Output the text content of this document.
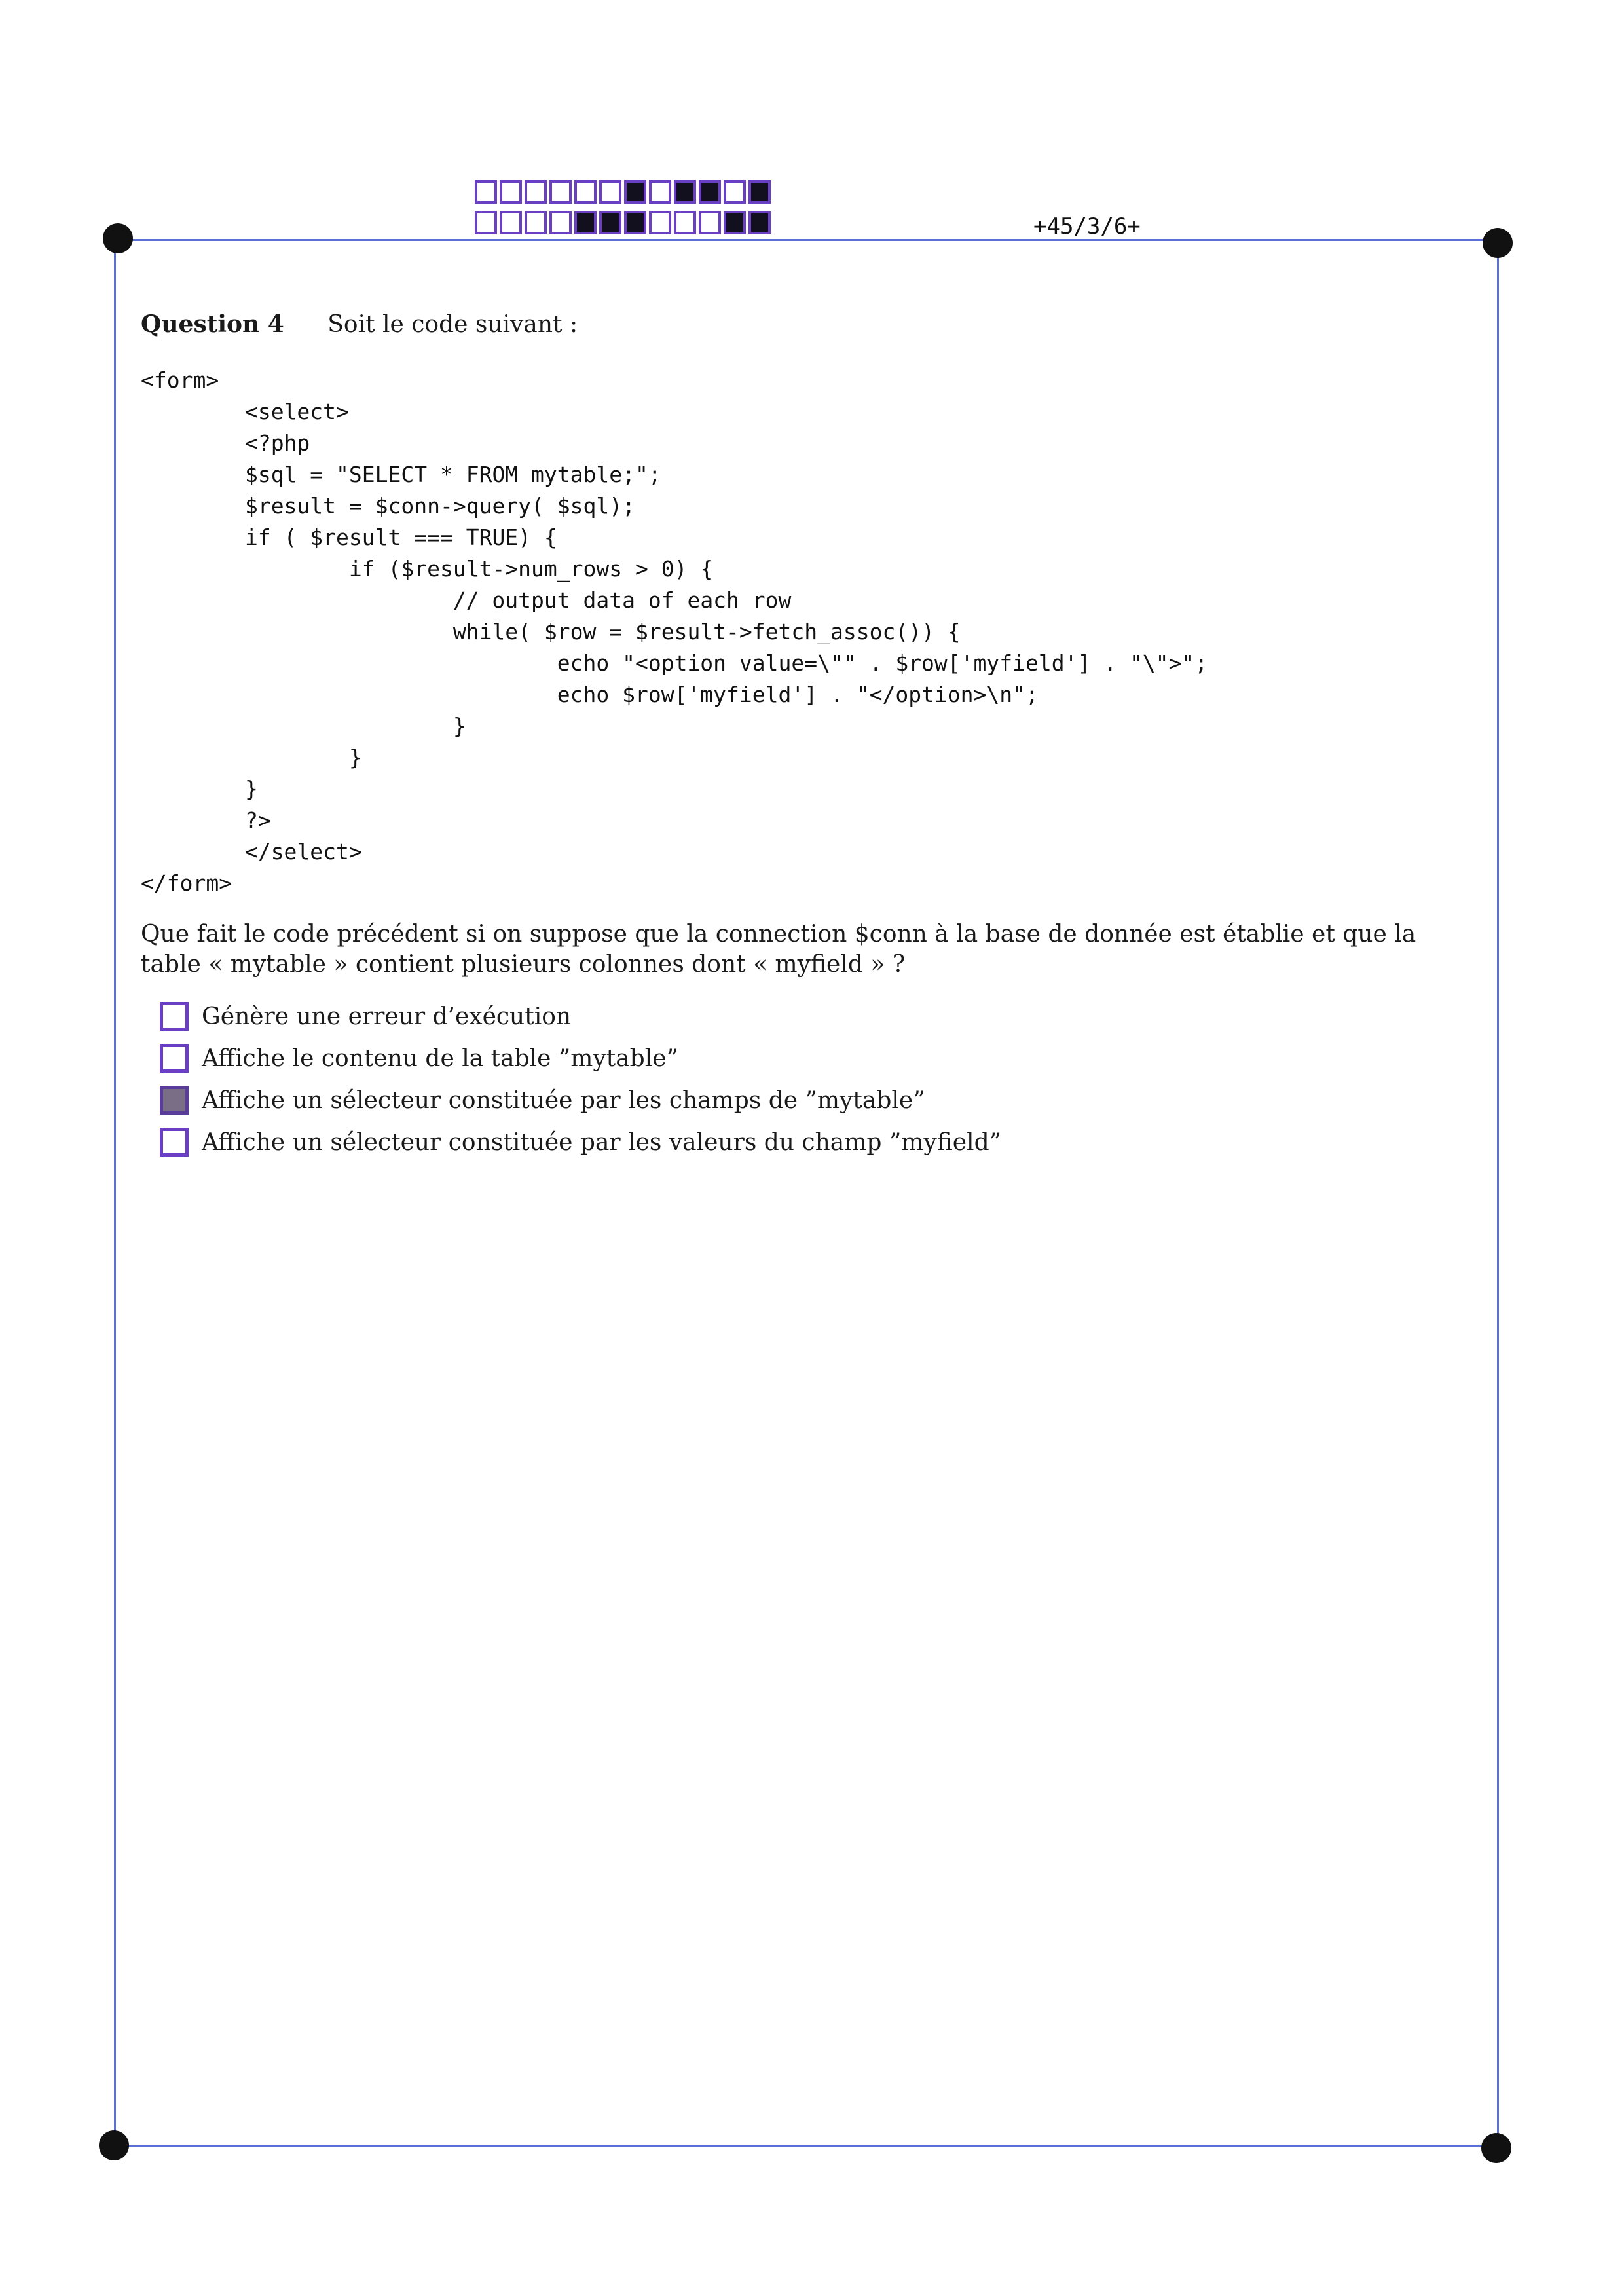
+45/3/6+
Question 4 Soit le code suivant :
<form>
	<select>
	<?php
	$sql = "SELECT * FROM mytable;";
	$result = $conn->query( $sql);
	if ( $result === TRUE) {
		if ($result->num_rows > 0) {
			// output data of each row
			while( $row = $result->fetch_assoc()) {
				echo "<option value=\"" . $row['myfield'] . "\">";
				echo $row['myfield'] . "</option>\n";
			}
		}
	}
	?>
	</select>
</form>

Que fait le code précédent si on suppose que la connection $conn à la base de donnée est établie et que la table « mytable » contient plusieurs colonnes dont « myfield » ?

Génère une erreur d’exécution
Affiche le contenu de la table ”mytable”
Affiche un sélecteur constituée par les champs de ”mytable”
Affiche un sélecteur constituée par les valeurs du champ ”myfield”
